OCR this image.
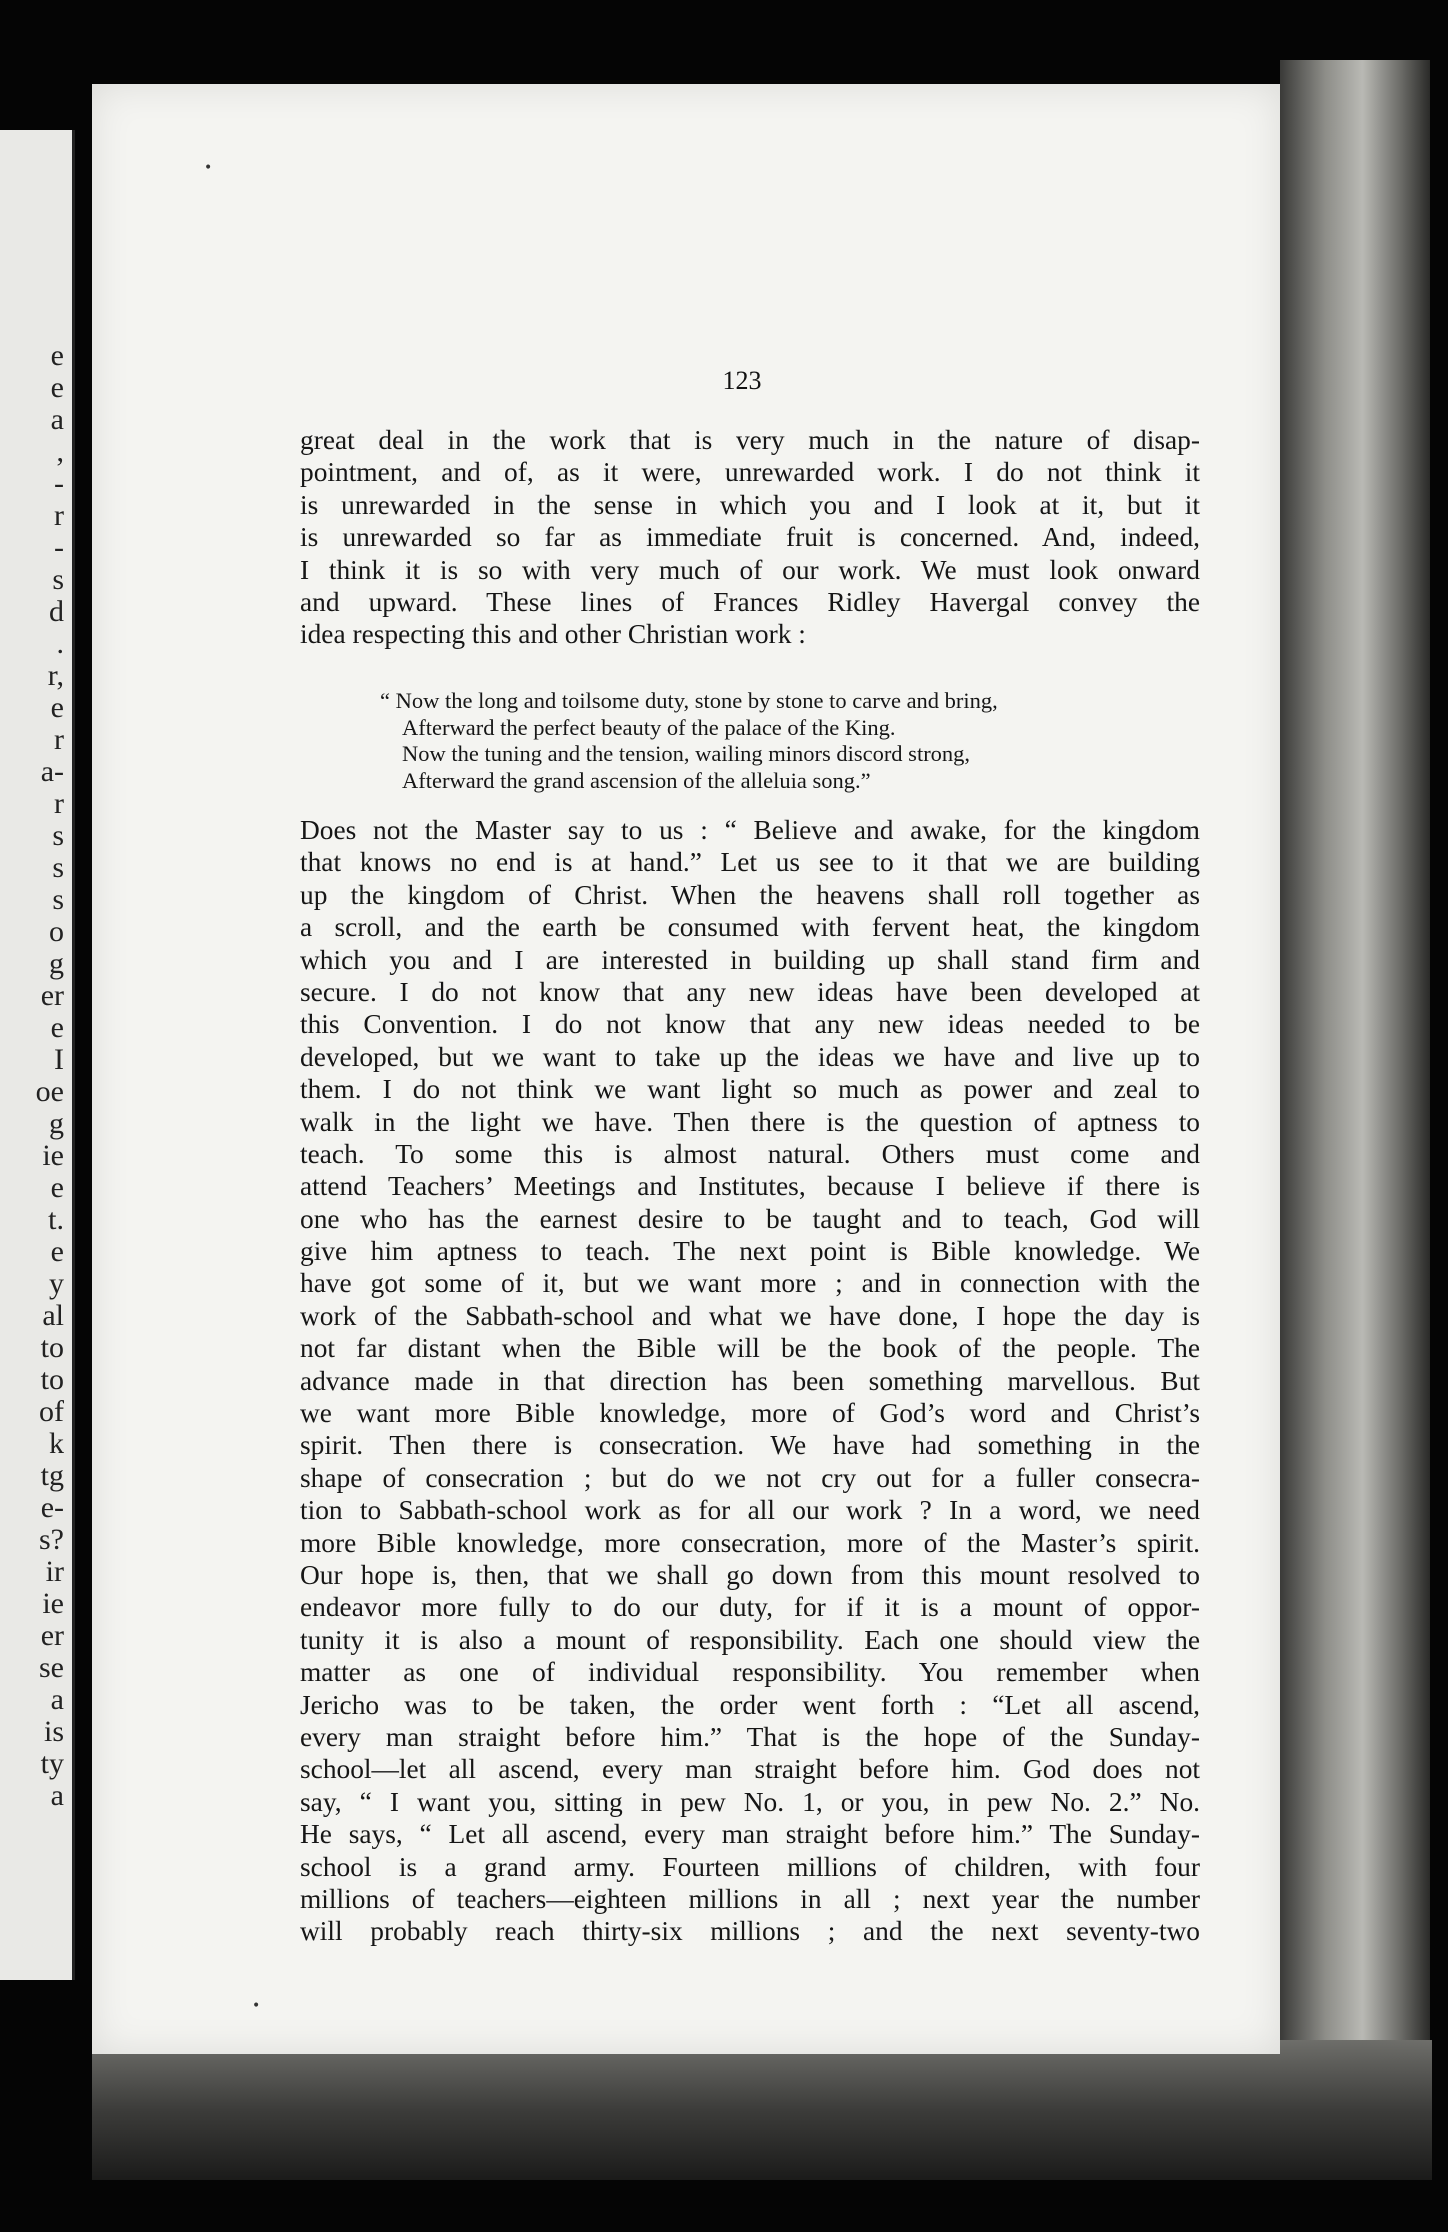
e
e
a
,
-
r
-
s
d
.
r,
e
r
a-
r
s
s
s
o
g
er
e
I
oe
g
ie
e
t.
e
y
al
to
to
of
k
tg
e-
s?
ir
ie
er
se
a
is
ty
a
123
great deal in the work that is very much in the nature of disap-
pointment, and of, as it were, unrewarded work. I do not think it
is unrewarded in the sense in which you and I look at it, but it
is unrewarded so far as immediate fruit is concerned. And, indeed,
I think it is so with very much of our work. We must look onward
and upward. These lines of Frances Ridley Havergal convey the
idea respecting this and other Christian work :
“ Now the long and toilsome duty, stone by stone to carve and bring,
Afterward the perfect beauty of the palace of the King.
Now the tuning and the tension, wailing minors discord strong,
Afterward the grand ascension of the alleluia song.”
Does not the Master say to us : “ Believe and awake, for the kingdom
that knows no end is at hand.” Let us see to it that we are building
up the kingdom of Christ. When the heavens shall roll together as
a scroll, and the earth be consumed with fervent heat, the kingdom
which you and I are interested in building up shall stand firm and
secure. I do not know that any new ideas have been developed at
this Convention. I do not know that any new ideas needed to be
developed, but we want to take up the ideas we have and live up to
them. I do not think we want light so much as power and zeal to
walk in the light we have. Then there is the question of aptness to
teach. To some this is almost natural. Others must come and
attend Teachers’ Meetings and Institutes, because I believe if there is
one who has the earnest desire to be taught and to teach, God will
give him aptness to teach. The next point is Bible knowledge. We
have got some of it, but we want more ; and in connection with the
work of the Sabbath-school and what we have done, I hope the day is
not far distant when the Bible will be the book of the people. The
advance made in that direction has been something marvellous. But
we want more Bible knowledge, more of God’s word and Christ’s
spirit. Then there is consecration. We have had something in the
shape of consecration ; but do we not cry out for a fuller consecra-
tion to Sabbath-school work as for all our work ? In a word, we need
more Bible knowledge, more consecration, more of the Master’s spirit.
Our hope is, then, that we shall go down from this mount resolved to
endeavor more fully to do our duty, for if it is a mount of oppor-
tunity it is also a mount of responsibility. Each one should view the
matter as one of individual responsibility. You remember when
Jericho was to be taken, the order went forth : “Let all ascend,
every man straight before him.” That is the hope of the Sunday-
school—let all ascend, every man straight before him. God does not
say, “ I want you, sitting in pew No. 1, or you, in pew No. 2.” No.
He says, “ Let all ascend, every man straight before him.” The Sunday-
school is a grand army. Fourteen millions of children, with four
millions of teachers—eighteen millions in all ; next year the number
will probably reach thirty-six millions ; and the next seventy-two
•
•
